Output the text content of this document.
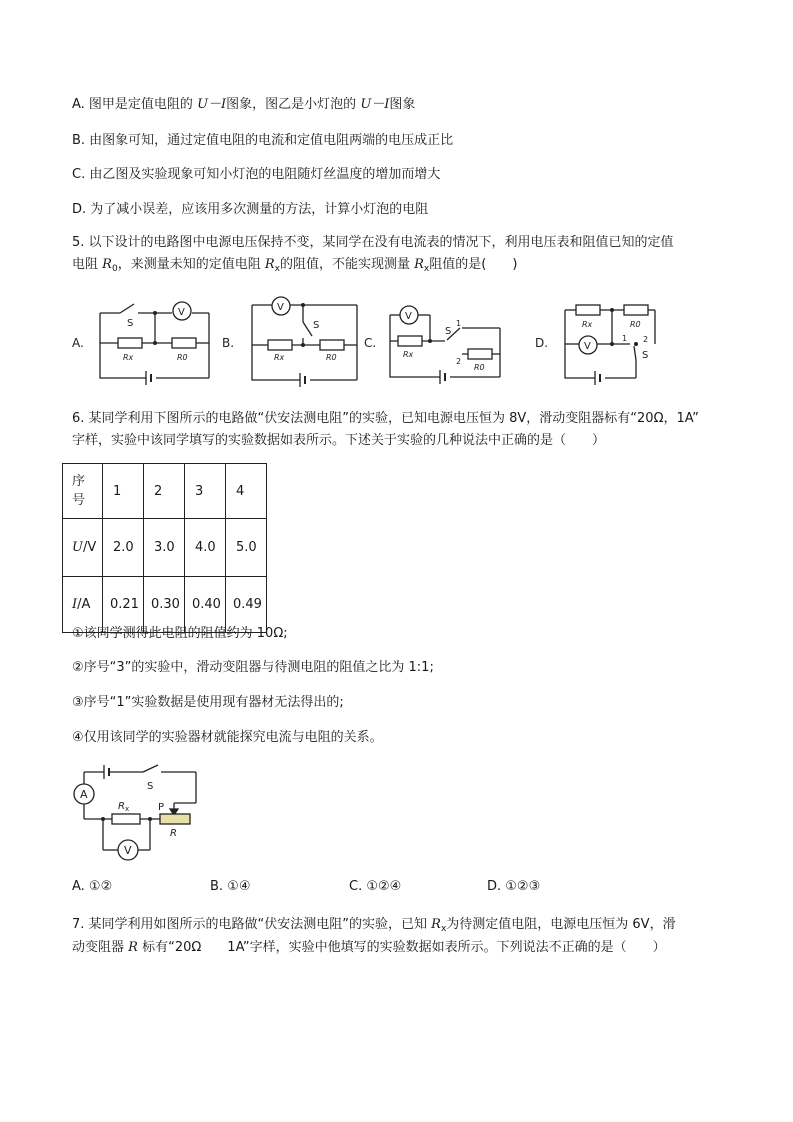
A. 图甲是定值电阻的 U－I图象，图乙是小灯泡的 U－I图象
B. 由图象可知，通过定值电阻的电流和定值电阻两端的电压成正比
C. 由乙图及实验现象可知小灯泡的电阻随灯丝温度的增加而增大
D. 为了减小误差，应该用多次测量的方法，计算小灯泡的电阻
5. 以下设计的电路图中电源电压保持不变，某同学在没有电流表的情况下，利用电压表和阻值已知的定值
电阻 $R_0$，来测量未知的定值电阻 $R_x$的阻值，不能实现测量 $R_x$阻值的是(　　)
A.
S
V
Rx	R0
B.
S
V
Rx	R0
C.
S
V
Rx
R0
1
2
D.
S
V
Rx	R0
1 2
6. 某同学利用下图所示的电路做“伏安法测电阻”的实验，已知电源电压恒为 8V，滑动变阻器标有“20Ω，1A”
字样，实验中该同学填写的实验数据如表所示。下述关于实验的几种说法中正确的是（　　）
序
号	1	2	3	4
U/V	2.0	3.0	4.0	5.0
I/A	0.21	0.30	0.40	0.49
①该同学测得此电阻的阻值约为 10Ω;
②序号“3”的实验中，滑动变阻器与待测电阻的阻值之比为 1:1;
③序号“1”实验数据是使用现有器材无法得出的;
④仅用该同学的实验器材就能探究电流与电阻的关系。
A
V
S
P
R x
R
A. ①②	B. ①④	C. ①②④	D. ①②③
7. 某同学利用如图所示的电路做“伏安法测电阻”的实验，已知 $R_x$为待测定值电阻，电源电压恒为 6V，滑
动变阻器 R 标有“20Ω　　1A”字样，实验中他填写的实验数据如表所示。下列说法不正确的是（　　）
